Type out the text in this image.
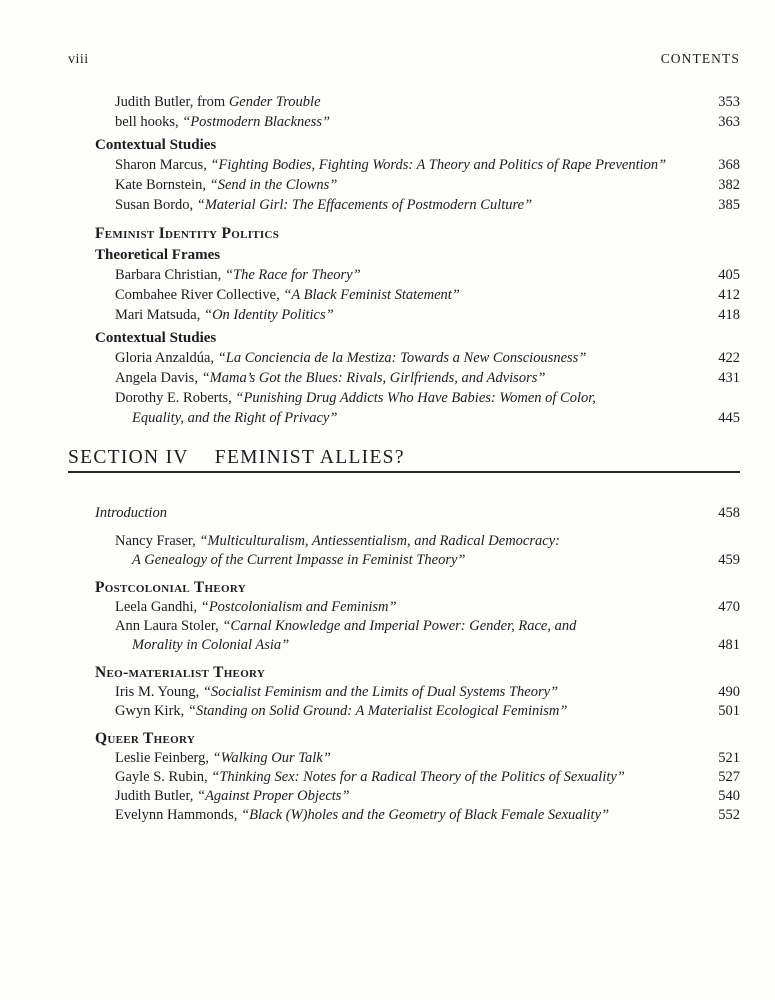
viii	CONTENTS
Judith Butler, from Gender Trouble	353
bell hooks, “Postmodern Blackness”	363
Contextual Studies
Sharon Marcus, “Fighting Bodies, Fighting Words: A Theory and Politics of Rape Prevention”	368
Kate Bornstein, “Send in the Clowns”	382
Susan Bordo, “Material Girl: The Effacements of Postmodern Culture”	385
Feminist Identity Politics
Theoretical Frames
Barbara Christian, “The Race for Theory”	405
Combahee River Collective, “A Black Feminist Statement”	412
Mari Matsuda, “On Identity Politics”	418
Contextual Studies
Gloria Anzaldúa, “La Conciencia de la Mestiza: Towards a New Consciousness”	422
Angela Davis, “Mama’s Got the Blues: Rivals, Girlfriends, and Advisors”	431
Dorothy E. Roberts, “Punishing Drug Addicts Who Have Babies: Women of Color,
Equality, and the Right of Privacy”	445
SECTION IV FEMINIST ALLIES?
Introduction	458
Nancy Fraser, “Multiculturalism, Antiessentialism, and Radical Democracy:
A Genealogy of the Current Impasse in Feminist Theory”	459
Postcolonial Theory
Leela Gandhi, “Postcolonialism and Feminism”	470
Ann Laura Stoler, “Carnal Knowledge and Imperial Power: Gender, Race, and
Morality in Colonial Asia”	481
Neo-materialist Theory
Iris M. Young, “Socialist Feminism and the Limits of Dual Systems Theory”	490
Gwyn Kirk, “Standing on Solid Ground: A Materialist Ecological Feminism”	501
Queer Theory
Leslie Feinberg, “Walking Our Talk”	521
Gayle S. Rubin, “Thinking Sex: Notes for a Radical Theory of the Politics of Sexuality”	527
Judith Butler, “Against Proper Objects”	540
Evelynn Hammonds, “Black (W)holes and the Geometry of Black Female Sexuality”	552
